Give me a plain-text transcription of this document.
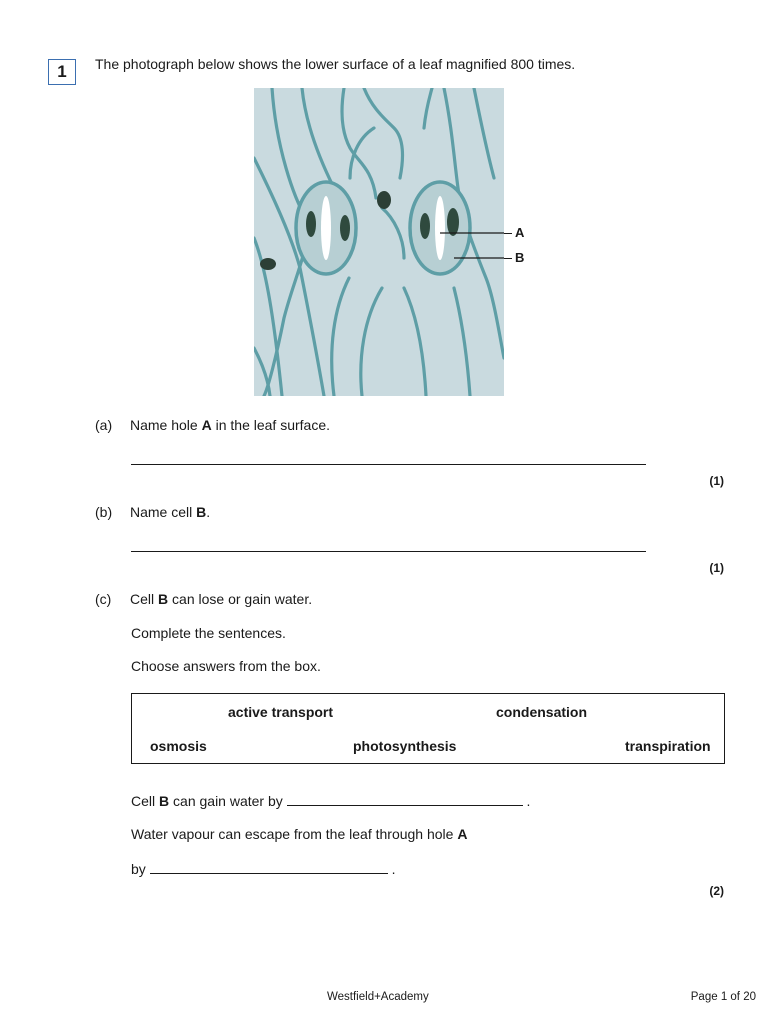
1	The photograph below shows the lower surface of a leaf magnified 800 times.
A
B
(a) Name hole A in the leaf surface.
(1)
(b) Name cell B.
(1)
(c) Cell B can lose or gain water.
Complete the sentences.
Choose answers from the box.
active transport	condensation
osmosis	photosynthesis	transpiration
Cell B can gain water by	.
Water vapour can escape from the leaf through hole A
by	.
(2)
Westfield+Academy	Page 1 of 20
